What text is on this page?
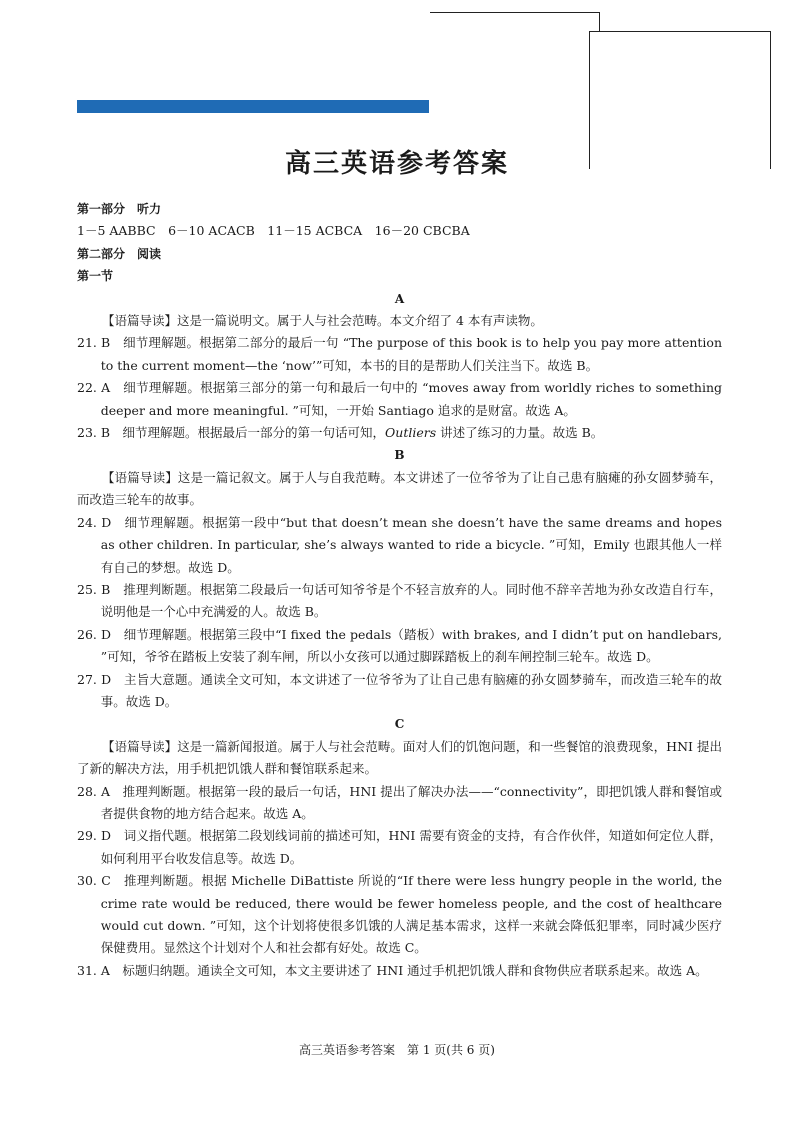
高三英语参考答案

第一部分　听力

1－5 AABBC　6－10 ACACB　11－15 ACBCA　16－20 CBCBA

第二部分　阅读

第一节

A

【语篇导读】这是一篇说明文。属于人与社会范畴。本文介绍了 4 本有声读物。

21. B　细节理解题。根据第二部分的最后一句 “The purpose of this book is to help you pay more attention to the current moment—the ‘now’”可知，本书的目的是帮助人们关注当下。故选 B。

22. A　细节理解题。根据第三部分的第一句和最后一句中的 “moves away from worldly riches to something deeper and more meaningful. ”可知，一开始 Santiago 追求的是财富。故选 A。

23. B　细节理解题。根据最后一部分的第一句话可知，Outliers 讲述了练习的力量。故选 B。

B

【语篇导读】这是一篇记叙文。属于人与自我范畴。本文讲述了一位爷爷为了让自己患有脑瘫的孙女圆梦骑车，而改造三轮车的故事。

24. D　细节理解题。根据第一段中“but that doesn’t mean she doesn’t have the same dreams and hopes as other children. In particular, she’s always wanted to ride a bicycle. ”可知，Emily 也跟其他人一样有自己的梦想。故选 D。

25. B　推理判断题。根据第二段最后一句话可知爷爷是个不轻言放弃的人。同时他不辞辛苦地为孙女改造自行车，说明他是一个心中充满爱的人。故选 B。

26. D　细节理解题。根据第三段中“I fixed the pedals（踏板）with brakes, and I didn’t put on handlebars, ”可知，爷爷在踏板上安装了刹车闸，所以小女孩可以通过脚踩踏板上的刹车闸控制三轮车。故选 D。

27. D　主旨大意题。通读全文可知，本文讲述了一位爷爷为了让自己患有脑瘫的孙女圆梦骑车，而改造三轮车的故事。故选 D。

C

【语篇导读】这是一篇新闻报道。属于人与社会范畴。面对人们的饥饱问题，和一些餐馆的浪费现象，HNI 提出了新的解决方法，用手机把饥饿人群和餐馆联系起来。

28. A　推理判断题。根据第一段的最后一句话，HNI 提出了解决办法——“connectivity”，即把饥饿人群和餐馆或者提供食物的地方结合起来。故选 A。

29. D　词义指代题。根据第二段划线词前的描述可知，HNI 需要有资金的支持，有合作伙伴，知道如何定位人群，如何利用平台收发信息等。故选 D。

30. C　推理判断题。根据 Michelle DiBattiste 所说的“If there were less hungry people in the world, the crime rate would be reduced, there would be fewer homeless people, and the cost of healthcare would cut down. ”可知，这个计划将使很多饥饿的人满足基本需求，这样一来就会降低犯罪率，同时减少医疗保健费用。显然这个计划对个人和社会都有好处。故选 C。

31. A　标题归纳题。通读全文可知，本文主要讲述了 HNI 通过手机把饥饿人群和食物供应者联系起来。故选 A。

高三英语参考答案　第 1 页(共 6 页)
